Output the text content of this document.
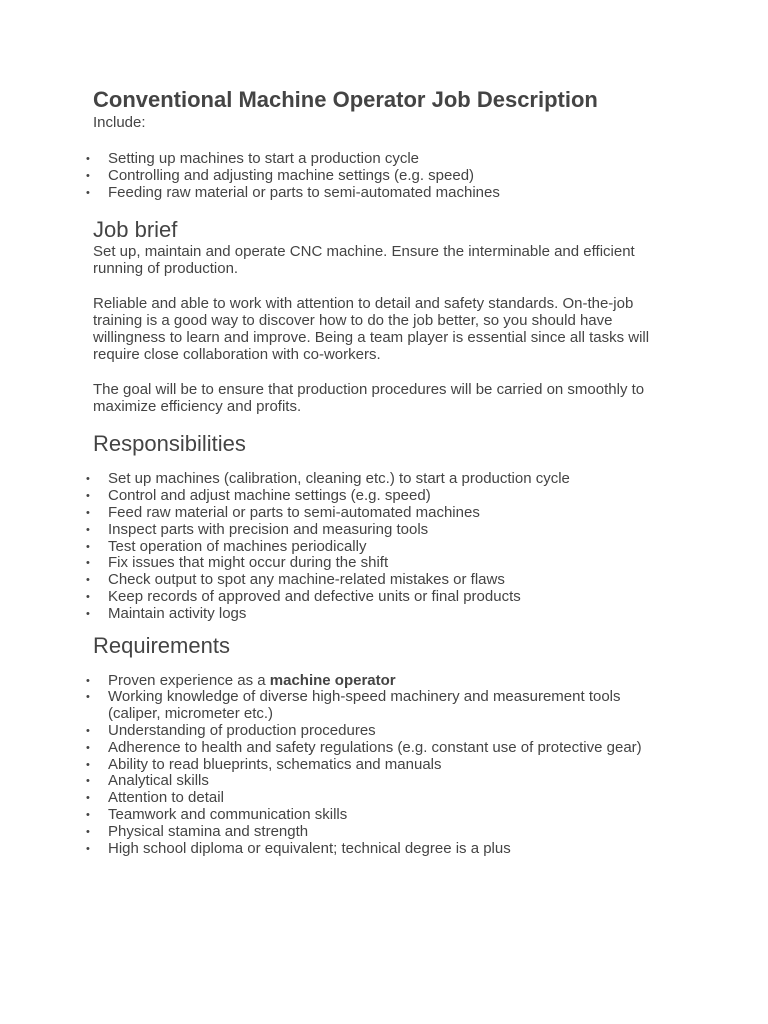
Conventional Machine Operator Job Description

Include:

• Setting up machines to start a production cycle
• Controlling and adjusting machine settings (e.g. speed)
• Feeding raw material or parts to semi-automated machines
Job brief

Set up, maintain and operate CNC machine. Ensure the interminable and efficient running of production.

Reliable and able to work with attention to detail and safety standards. On-the-job training is a good way to discover how to do the job better, so you should have willingness to learn and improve. Being a team player is essential since all tasks will require close collaboration with co-workers.

The goal will be to ensure that production procedures will be carried on smoothly to maximize efficiency and profits.

Responsibilities
• Set up machines (calibration, cleaning etc.) to start a production cycle
• Control and adjust machine settings (e.g. speed)
• Feed raw material or parts to semi-automated machines
• Inspect parts with precision and measuring tools
• Test operation of machines periodically
• Fix issues that might occur during the shift
• Check output to spot any machine-related mistakes or flaws
• Keep records of approved and defective units or final products
• Maintain activity logs
Requirements
• Proven experience as a machine operator
• Working knowledge of diverse high-speed machinery and measurement tools (caliper, micrometer etc.)
• Understanding of production procedures
• Adherence to health and safety regulations (e.g. constant use of protective gear)
• Ability to read blueprints, schematics and manuals
• Analytical skills
• Attention to detail
• Teamwork and communication skills
• Physical stamina and strength
• High school diploma or equivalent; technical degree is a plus
